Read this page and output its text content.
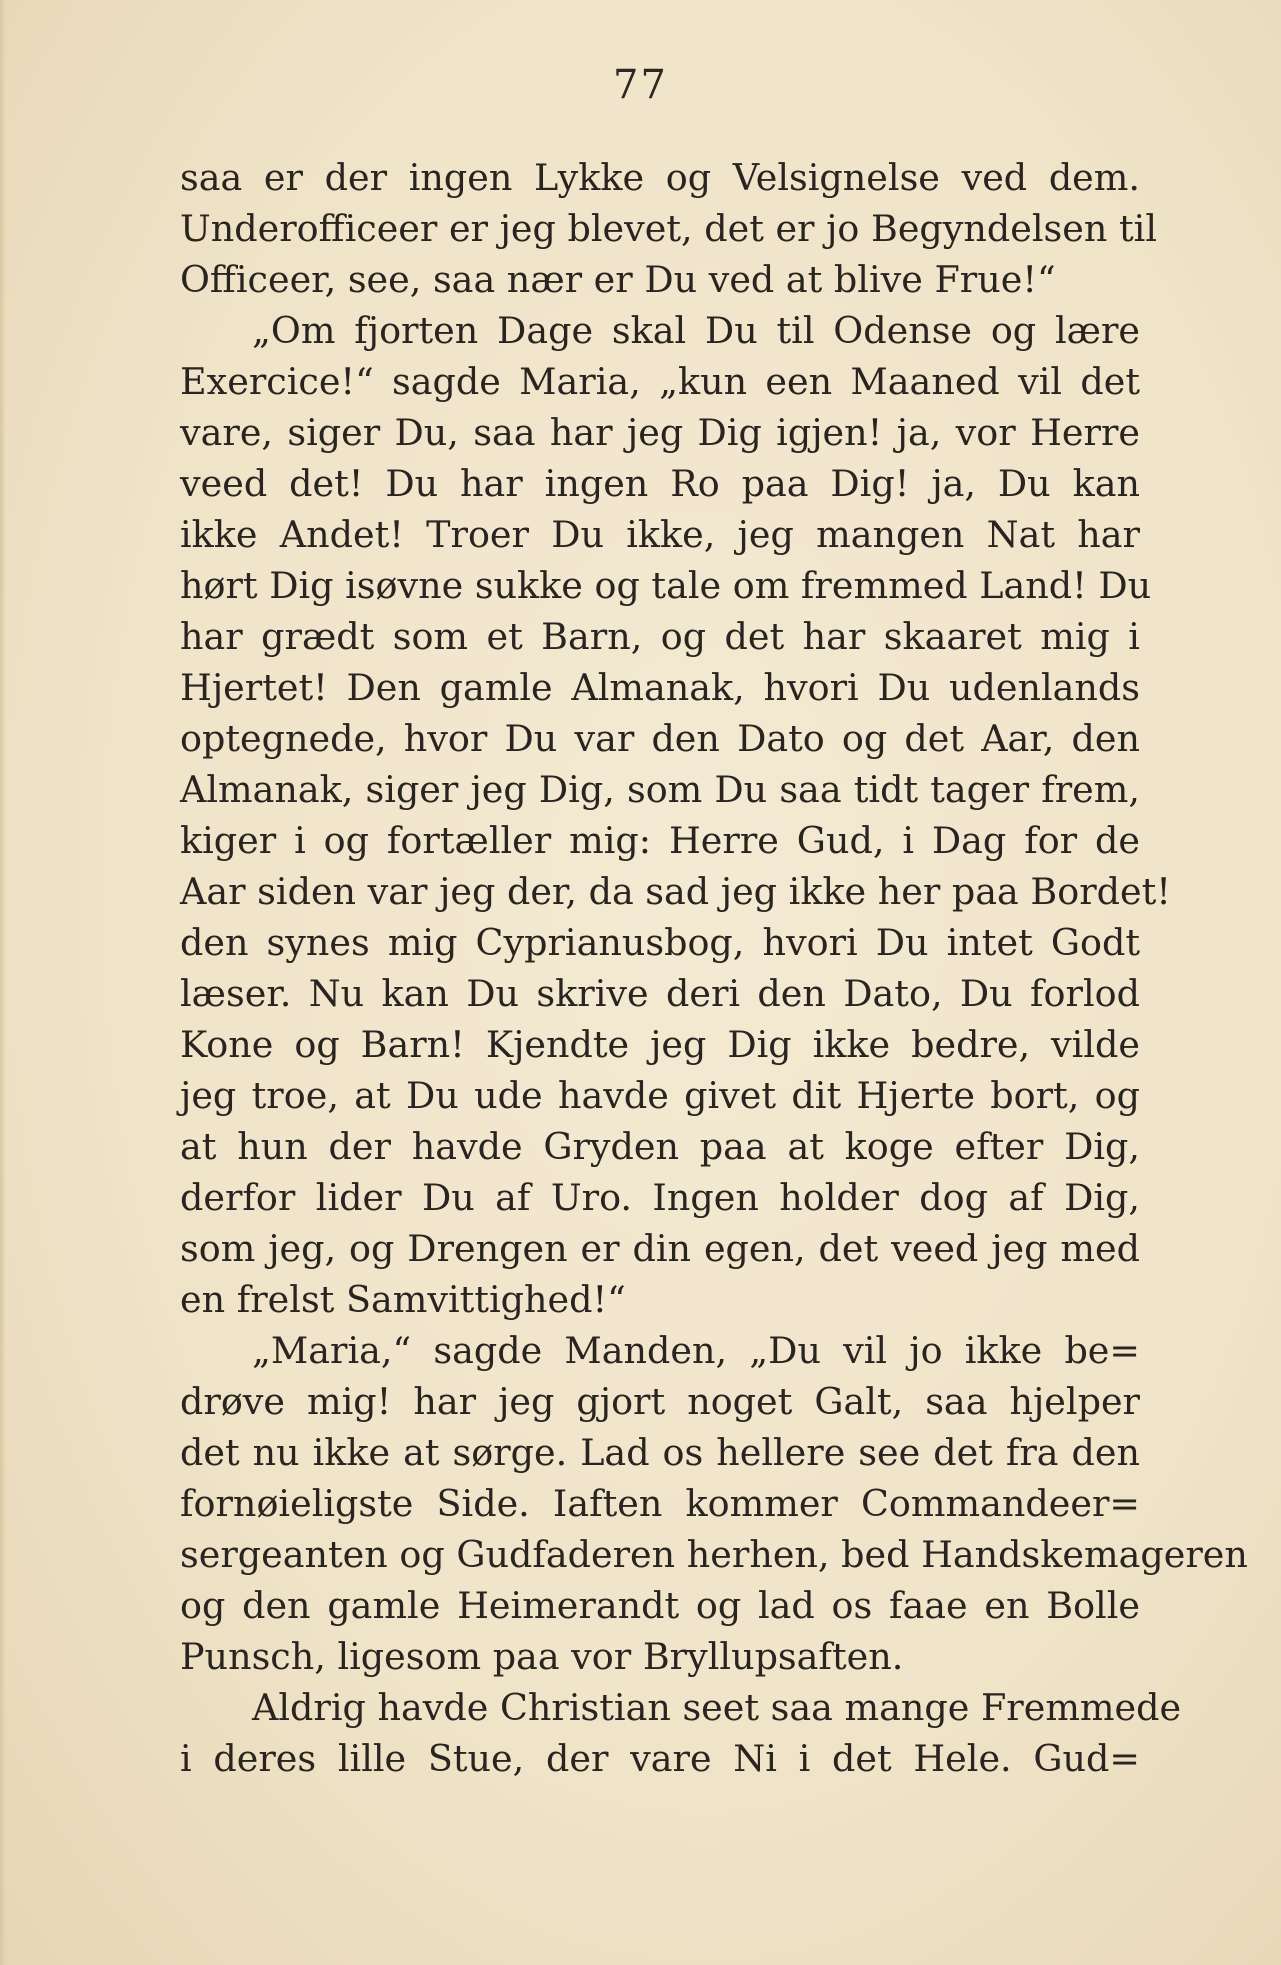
77
saa er der ingen Lykke og Velsignelse ved dem.
Underofficeer er jeg blevet, det er jo Begyndelsen til
Officeer, see, saa nær er Du ved at blive Frue!“
„Om fjorten Dage skal Du til Odense og lære
Exercice!“ sagde Maria, „kun een Maaned vil det
vare, siger Du, saa har jeg Dig igjen! ja, vor Herre
veed det! Du har ingen Ro paa Dig! ja, Du kan
ikke Andet! Troer Du ikke, jeg mangen Nat har
hørt Dig isøvne sukke og tale om fremmed Land! Du
har grædt som et Barn, og det har skaaret mig i
Hjertet! Den gamle Almanak, hvori Du udenlands
optegnede, hvor Du var den Dato og det Aar, den
Almanak, siger jeg Dig, som Du saa tidt tager frem,
kiger i og fortæller mig: Herre Gud, i Dag for de
Aar siden var jeg der, da sad jeg ikke her paa Bordet!
den synes mig Cyprianusbog, hvori Du intet Godt
læser. Nu kan Du skrive deri den Dato, Du forlod
Kone og Barn! Kjendte jeg Dig ikke bedre, vilde
jeg troe, at Du ude havde givet dit Hjerte bort, og
at hun der havde Gryden paa at koge efter Dig,
derfor lider Du af Uro. Ingen holder dog af Dig,
som jeg, og Drengen er din egen, det veed jeg med
en frelst Samvittighed!“
„Maria,“ sagde Manden, „Du vil jo ikke be=
drøve mig! har jeg gjort noget Galt, saa hjelper
det nu ikke at sørge. Lad os hellere see det fra den
fornøieligste Side. Iaften kommer Commandeer=
sergeanten og Gudfaderen herhen, bed Handskemageren
og den gamle Heimerandt og lad os faae en Bolle
Punsch, ligesom paa vor Bryllupsaften.
Aldrig havde Christian seet saa mange Fremmede
i deres lille Stue, der vare Ni i det Hele. Gud=
